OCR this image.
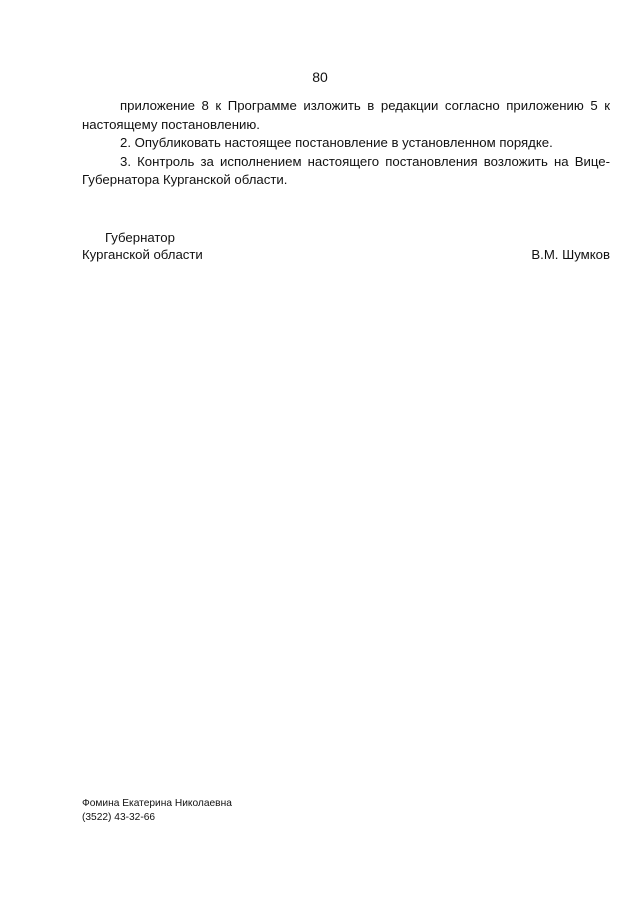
80

приложение 8 к Программе изложить в редакции согласно приложению 5 к настоящему постановлению.

2. Опубликовать настоящее постановление в установленном порядке.

3. Контроль за исполнением настоящего постановления возложить на Вице-Губернатора Курганской области.

Губернатор
Курганской области	В.М. Шумков
Фомина Екатерина Николаевна
(3522) 43-32-66
